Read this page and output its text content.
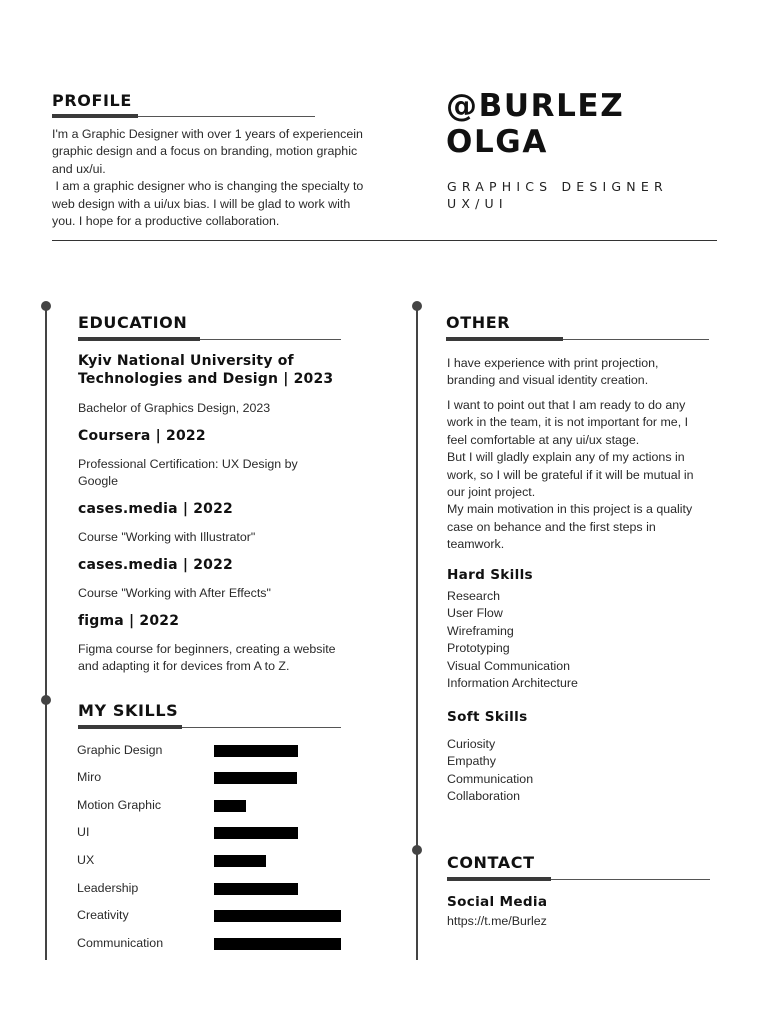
PROFILE
I'm a Graphic Designer with over 1 years of experiencein
graphic design and a focus on branding, motion graphic
and ux/ui.
I am a graphic designer who is changing the specialty to
web design with a ui/ux bias. I will be glad to work with
you. I hope for a productive collaboration.
@BURLEZ
OLGA
GRAPHICS DESIGNER
UX/UI
EDUCATION
Kyiv National University of Technologies and Design | 2023
Bachelor of Graphics Design, 2023
Coursera | 2022
Professional Certification: UX Design by Google
cases.media | 2022
Course "Working with Illustrator"
cases.media | 2022
Course "Working with After Effects"
figma | 2022
Figma course for beginners, creating a website and adapting it for devices from A to Z.
MY SKILLS
Graphic Design
Miro
Motion Graphic
UI
UX
Leadership
Creativity
Communication
OTHER
I have experience with print projection, branding and visual identity creation.
I want to point out that I am ready to do any
work in the team, it is not important for me, I
feel comfortable at any ui/ux stage.
But I will gladly explain any of my actions in
work, so I will be grateful if it will be mutual in
our joint project.
My main motivation in this project is a quality
case on behance and the first steps in
teamwork.
Hard Skills
Research
User Flow
Wireframing
Prototyping
Visual Communication
Information Architecture
Soft Skills
Curiosity
Empathy
Communication
Collaboration
CONTACT
Social Media
https://t.me/Burlez
